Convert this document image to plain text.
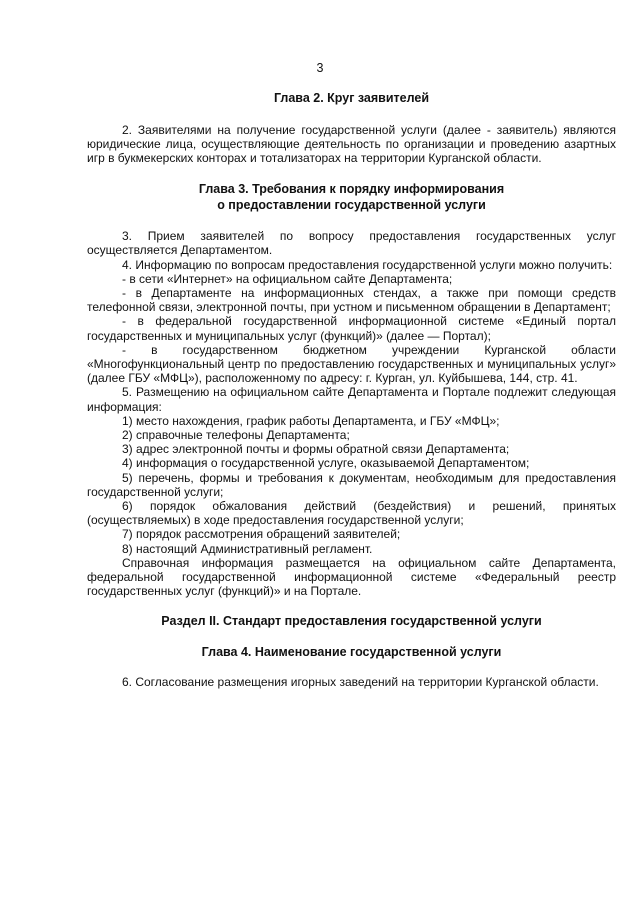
3
Глава 2. Круг заявителей

2. Заявителями на получение государственной услуги (далее - заявитель) являются юридические лица, осуществляющие деятельность по организации и проведению азартных игр в букмекерских конторах и тотализаторах на территории Курганской области.

Глава 3. Требования к порядку информирования
о предоставлении государственной услуги

3. Прием заявителей по вопросу предоставления государственных услуг осуществляется Департаментом.

4. Информацию по вопросам предоставления государственной услуги можно получить:

- в сети «Интернет» на официальном сайте Департамента;

- в Департаменте на информационных стендах, а также при помощи средств телефонной связи, электронной почты, при устном и письменном обращении в Департамент;

- в федеральной государственной информационной системе «Единый портал государственных и муниципальных услуг (функций)» (далее — Портал);

- в государственном бюджетном учреждении Курганской области «Многофункциональный центр по предоставлению государственных и муниципальных услуг» (далее ГБУ «МФЦ»), расположенному по адресу: г. Курган, ул. Куйбышева, 144, стр. 41.

5. Размещению на официальном сайте Департамента и Портале подлежит следующая информация:

1) место нахождения, график работы Департамента, и ГБУ «МФЦ»;

2) справочные телефоны Департамента;

3) адрес электронной почты и формы обратной связи Департамента;

4) информация о государственной услуге, оказываемой Департаментом;

5) перечень, формы и требования к документам, необходимым для предоставления государственной услуги;

6) порядок обжалования действий (бездействия) и решений, принятых (осуществляемых) в ходе предоставления государственной услуги;

7) порядок рассмотрения обращений заявителей;

8) настоящий Административный регламент.

Справочная информация размещается на официальном сайте Департамента, федеральной государственной информационной системе «Федеральный реестр государственных услуг (функций)» и на Портале.

Раздел II. Стандарт предоставления государственной услуги
Глава 4. Наименование государственной услуги

6. Согласование размещения игорных заведений на территории Курганской области.
